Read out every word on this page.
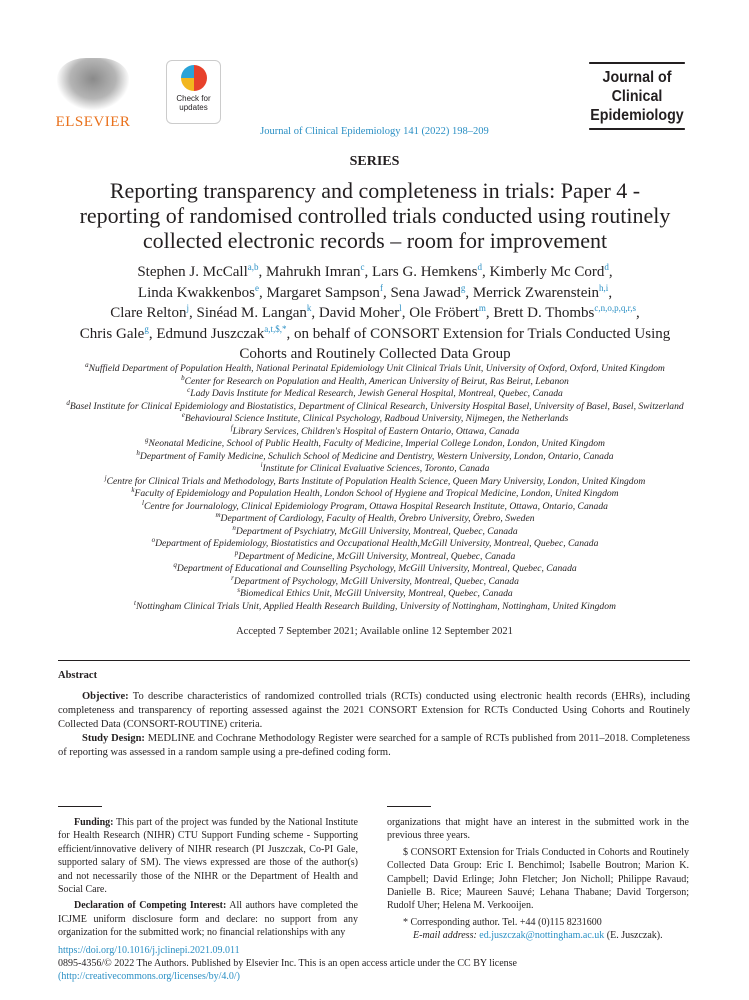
ELSEVIER
Check for
updates
Journal of Clinical Epidemiology 141 (2022) 198–209
Journal of
Clinical
Epidemiology
SERIES
Reporting transparency and completeness in trials: Paper 4 - reporting of randomised controlled trials conducted using routinely collected electronic records – room for improvement
Stephen J. McCall$^{a,b}$, Mahrukh Imran$^c$, Lars G. Hemkens$^d$, Kimberly Mc Cord$^d$,
Linda Kwakkenbos$^e$, Margaret Sampson$^f$, Sena Jawad$^g$, Merrick Zwarenstein$^{h,i}$,
Clare Relton$^j$, Sinéad M. Langan$^k$, David Moher$^l$, Ole Fröbert$^m$, Brett D. Thombs$^{c,n,o,p,q,r,s}$,
Chris Gale$^g$, Edmund Juszczak$^{a,t,\$,*}$, on behalf of CONSORT Extension for Trials Conducted Using Cohorts and Routinely Collected Data Group
$^a$Nuffield Department of Population Health, National Perinatal Epidemiology Unit Clinical Trials Unit, University of Oxford, Oxford, United Kingdom
$^b$Center for Research on Population and Health, American University of Beirut, Ras Beirut, Lebanon
$^c$Lady Davis Institute for Medical Research, Jewish General Hospital, Montreal, Quebec, Canada
$^d$Basel Institute for Clinical Epidemiology and Biostatistics, Department of Clinical Research, University Hospital Basel, University of Basel, Basel, Switzerland
$^e$Behavioural Science Institute, Clinical Psychology, Radboud University, Nijmegen, the Netherlands
$^f$Library Services, Children's Hospital of Eastern Ontario, Ottawa, Canada
$^g$Neonatal Medicine, School of Public Health, Faculty of Medicine, Imperial College London, London, United Kingdom
$^h$Department of Family Medicine, Schulich School of Medicine and Dentistry, Western University, London, Ontario, Canada
$^i$Institute for Clinical Evaluative Sciences, Toronto, Canada
$^j$Centre for Clinical Trials and Methodology, Barts Institute of Population Health Science, Queen Mary University, London, United Kingdom
$^k$Faculty of Epidemiology and Population Health, London School of Hygiene and Tropical Medicine, London, United Kingdom
$^l$Centre for Journalology, Clinical Epidemiology Program, Ottawa Hospital Research Institute, Ottawa, Ontario, Canada
$^m$Department of Cardiology, Faculty of Health, Örebro University, Örebro, Sweden
$^n$Department of Psychiatry, McGill University, Montreal, Quebec, Canada
$^o$Department of Epidemiology, Biostatistics and Occupational Health,McGill University, Montreal, Quebec, Canada
$^p$Department of Medicine, McGill University, Montreal, Quebec, Canada
$^q$Department of Educational and Counselling Psychology, McGill University, Montreal, Quebec, Canada
$^r$Department of Psychology, McGill University, Montreal, Quebec, Canada
$^s$Biomedical Ethics Unit, McGill University, Montreal, Quebec, Canada
$^t$Nottingham Clinical Trials Unit, Applied Health Research Building, University of Nottingham, Nottingham, United Kingdom
Accepted 7 September 2021; Available online 12 September 2021
Abstract

Objective: To describe characteristics of randomized controlled trials (RCTs) conducted using electronic health records (EHRs), including completeness and transparency of reporting assessed against the 2021 CONSORT Extension for RCTs Conducted Using Cohorts and Routinely Collected Data (CONSORT-ROUTINE) criteria.

Study Design: MEDLINE and Cochrane Methodology Register were searched for a sample of RCTs published from 2011–2018. Completeness of reporting was assessed in a random sample using a pre-defined coding form.

Funding: This part of the project was funded by the National Institute for Health Research (NIHR) CTU Support Funding scheme - Supporting efficient/innovative delivery of NIHR research (PI Juszczak, Co-PI Gale, supported salary of SM). The views expressed are those of the author(s) and not necessarily those of the NIHR or the Department of Health and Social Care.

Declaration of Competing Interest: All authors have completed the ICJME uniform disclosure form and declare: no support from any organization for the submitted work; no financial relationships with any

organizations that might have an interest in the submitted work in the previous three years.

$ CONSORT Extension for Trials Conducted in Cohorts and Routinely Collected Data Group: Eric I. Benchimol; Isabelle Boutron; Marion K. Campbell; David Erlinge; John Fletcher; Jon Nicholl; Philippe Ravaud; Danielle B. Rice; Maureen Sauvé; Lehana Thabane; David Torgerson; Rudolf Uher; Helena M. Verkooijen.

* Corresponding author. Tel. +44 (0)115 8231600

E-mail address: ed.juszczak@nottingham.ac.uk (E. Juszczak).

https://doi.org/10.1016/j.jclinepi.2021.09.011
0895-4356/© 2022 The Authors. Published by Elsevier Inc. This is an open access article under the CC BY license
(http://creativecommons.org/licenses/by/4.0/)
